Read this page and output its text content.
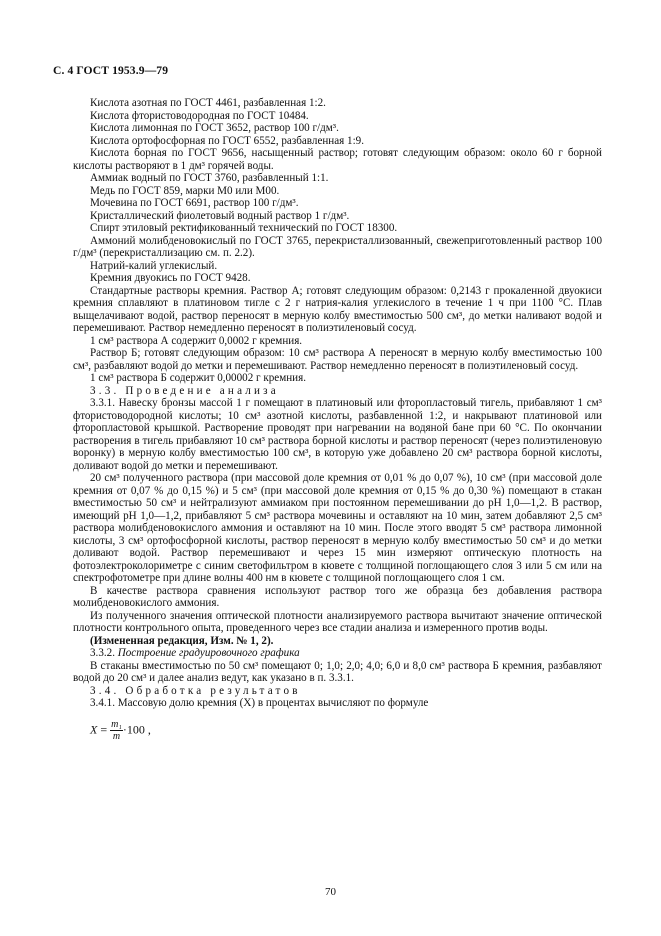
С. 4 ГОСТ 1953.9—79

Кислота азотная по ГОСТ 4461, разбавленная 1:2.

Кислота фтористоводородная по ГОСТ 10484.

Кислота лимонная по ГОСТ 3652, раствор 100 г/дм³.

Кислота ортофосфорная по ГОСТ 6552, разбавленная 1:9.

Кислота борная по ГОСТ 9656, насыщенный раствор; готовят следующим образом: около 60 г борной кислоты растворяют в 1 дм³ горячей воды.

Аммиак водный по ГОСТ 3760, разбавленный 1:1.

Медь по ГОСТ 859, марки М0 или М00.

Мочевина по ГОСТ 6691, раствор 100 г/дм³.

Кристаллический фиолетовый водный раствор 1 г/дм³.

Спирт этиловый ректификованный технический по ГОСТ 18300.

Аммоний молибденовокислый по ГОСТ 3765, перекристаллизованный, свежеприготовленный раствор 100 г/дм³ (перекристаллизацию см. п. 2.2).

Натрий-калий углекислый.

Кремния двуокись по ГОСТ 9428.

Стандартные растворы кремния. Раствор А; готовят следующим образом: 0,2143 г прокаленной двуокиси кремния сплавляют в платиновом тигле с 2 г натрия-калия углекислого в течение 1 ч при 1100 °С. Плав выщелачивают водой, раствор переносят в мерную колбу вместимостью 500 см³, до метки наливают водой и перемешивают. Раствор немедленно переносят в полиэтиленовый сосуд.

1 см³ раствора А содержит 0,0002 г кремния.

Раствор Б; готовят следующим образом: 10 см³ раствора А переносят в мерную колбу вместимостью 100 см³, разбавляют водой до метки и перемешивают. Раствор немедленно переносят в полиэтиленовый сосуд.

1 см³ раствора Б содержит 0,00002 г кремния.

3.3. Проведение анализа

3.3.1. Навеску бронзы массой 1 г помещают в платиновый или фторопластовый тигель, прибавляют 1 см³ фтористоводородной кислоты; 10 см³ азотной кислоты, разбавленной 1:2, и накрывают платиновой или фторопластовой крышкой. Растворение проводят при нагревании на водяной бане при 60 °С. По окончании растворения в тигель прибавляют 10 см³ раствора борной кислоты и раствор переносят (через полиэтиленовую воронку) в мерную колбу вместимостью 100 см³, в которую уже добавлено 20 см³ раствора борной кислоты, доливают водой до метки и перемешивают.

20 см³ полученного раствора (при массовой доле кремния от 0,01 % до 0,07 %), 10 см³ (при массовой доле кремния от 0,07 % до 0,15 %) и 5 см³ (при массовой доле кремния от 0,15 % до 0,30 %) помещают в стакан вместимостью 50 см³ и нейтрализуют аммиаком при постоянном перемешивании до рН 1,0—1,2. В раствор, имеющий рН 1,0—1,2, прибавляют 5 см³ раствора мочевины и оставляют на 10 мин, затем добавляют 2,5 см³ раствора молибденовокислого аммония и оставляют на 10 мин. После этого вводят 5 см³ раствора лимонной кислоты, 3 см³ ортофосфорной кислоты, раствор переносят в мерную колбу вместимостью 50 см³ и до метки доливают водой. Раствор перемешивают и через 15 мин измеряют оптическую плотность на фотоэлектроколориметре с синим светофильтром в кювете с толщиной поглощающего слоя 3 или 5 см или на спектрофотометре при длине волны 400 нм в кювете с толщиной поглощающего слоя 1 см.

В качестве раствора сравнения используют раствор того же образца без добавления раствора молибденовокислого аммония.

Из полученного значения оптической плотности анализируемого раствора вычитают значение оптической плотности контрольного опыта, проведенного через все стадии анализа и измеренного против воды.

(Измененная редакция, Изм. № 1, 2).

3.3.2. Построение градуировочного графика

В стаканы вместимостью по 50 см³ помещают 0; 1,0; 2,0; 4,0; 6,0 и 8,0 см³ раствора Б кремния, разбавляют водой до 20 см³ и далее анализ ведут, как указано в п. 3.3.1.

3.4. Обработка результатов

3.4.1. Массовую долю кремния (X) в процентах вычисляют по формуле

$X = \frac{\text{m₁}}{m} \cdot 100$ ,

70
